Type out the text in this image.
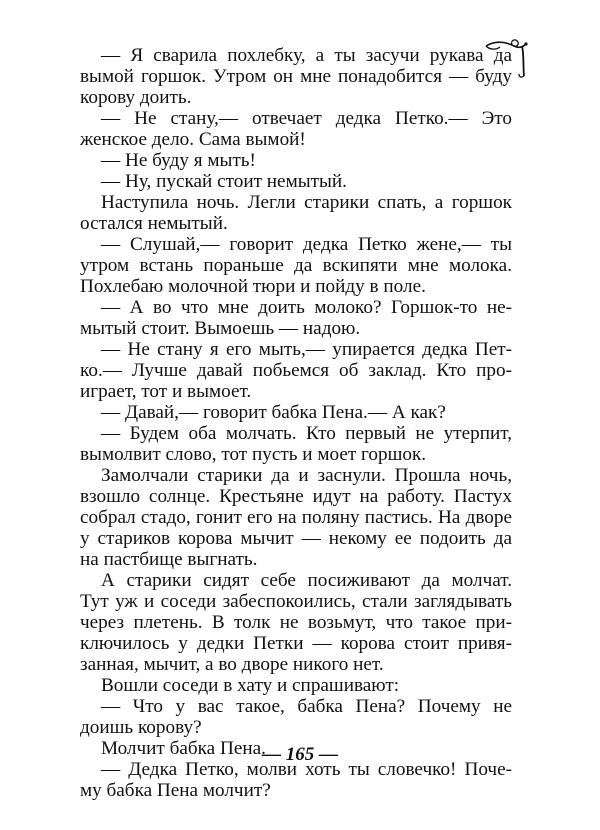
— Я сварила похлебку, а ты засучи рукава да
вымой горшок. Утром он мне понадобится — буду
корову доить.
— Не стану,— отвечает дедка Петко.— Это
женское дело. Сама вымой!
— Не буду я мыть!
— Ну, пускай стоит немытый.
Наступила ночь. Легли старики спать, а горшок
остался немытый.
— Слушай,— говорит дедка Петко жене,— ты
утром встань пораньше да вскипяти мне молока.
Похлебаю молочной тюри и пойду в поле.
— А во что мне доить молоко? Горшок-то не-
мытый стоит. Вымоешь — надою.
— Не стану я его мыть,— упирается дедка Пет-
ко.— Лучше давай побьемся об заклад. Кто про-
играет, тот и вымоет.
— Давай,— говорит бабка Пена.— А как?
— Будем оба молчать. Кто первый не утерпит,
вымолвит слово, тот пусть и моет горшок.
Замолчали старики да и заснули. Прошла ночь,
взошло солнце. Крестьяне идут на работу. Пастух
собрал стадо, гонит его на поляну пастись. На дворе
у стариков корова мычит — некому ее подоить да
на пастбище выгнать.
А старики сидят себе посиживают да молчат.
Тут уж и соседи забеспокоились, стали заглядывать
через плетень. В толк не возьмут, что такое при-
ключилось у дедки Петки — корова стоит привя-
занная, мычит, а во дворе никого нет.
Вошли соседи в хату и спрашивают:
— Что у вас такое, бабка Пена? Почему не
доишь корову?
Молчит бабка Пена.
— Дедка Петко, молви хоть ты словечко! Поче-
му бабка Пена молчит?
— 165 —
